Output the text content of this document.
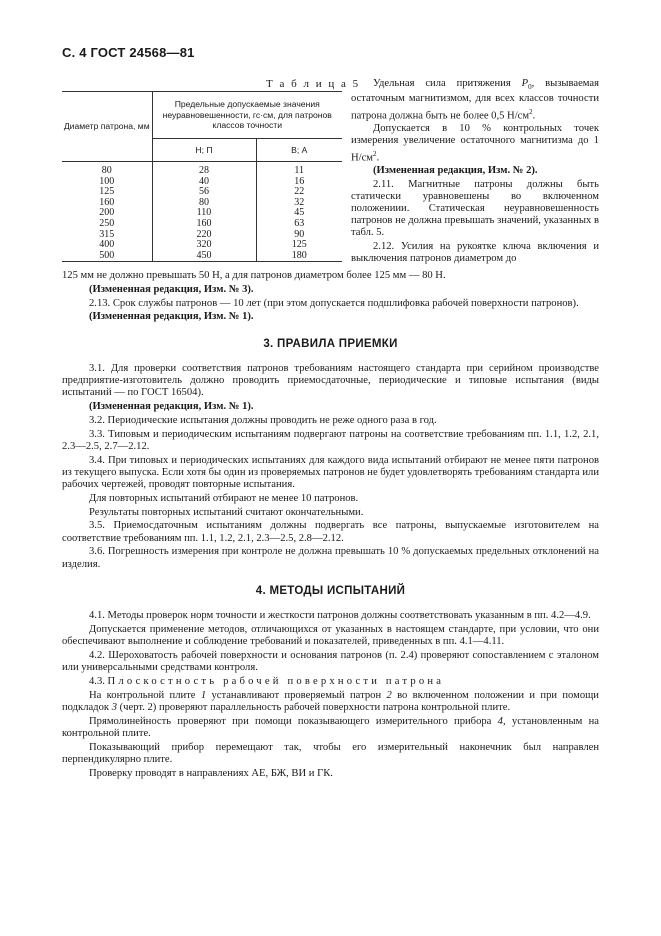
С. 4 ГОСТ 24568—81
Т а б л и ц а 5
Диаметр патрона, мм	Предельные допускаемые значения неуравновешенности, гс·см, для патронов классов точности	
	Н; П	В; А
80	28	11
100	40	16
125	56	22
160	80	32
200	110	45
250	160	63
315	220	90
400	320	125
500	450	180

Удельная сила притяжения $P_0$, вызываемая остаточным магнитизмом, для всех классов точности патрона должна быть не более 0,5 $Н/см^2$.

Допускается в 10 % контрольных точек измерения увеличение остаточного магнитизма до 1 $Н/см^2$.

(Измененная редакция, Изм. № 2).

2.11. Магнитные патроны должны быть статически уравновешены во включенном положениии. Статическая неуравновешенность патронов не должна превышать значений, указанных в табл. 5.

2.12. Усилия на рукоятке ключа включения и выключения патронов диаметром до

125 мм не должно превышать 50 Н, а для патронов диаметром более 125 мм — 80 Н.

(Измененная редакция, Изм. № 3).

2.13. Срок службы патронов — 10 лет (при этом допускается подшлифовка рабочей поверхности патронов).

(Измененная редакция, Изм. № 1).

3. ПРАВИЛА ПРИЕМКИ

3.1. Для проверки соответствия патронов требованиям настоящего стандарта при серийном производстве предприятие-изготовитель должно проводить приемосдаточные, периодические и типовые испытания (виды испытаний — по ГОСТ 16504).

(Измененная редакция, Изм. № 1).

3.2. Периодические испытания должны проводить не реже одного раза в год.

3.3. Типовым и периодическим испытаниям подвергают патроны на соответствие требованиям пп. 1.1, 1.2, 2.1, 2.3—2.5, 2.7—2.12.

3.4. При типовых и периодических испытаниях для каждого вида испытаний отбирают не менее пяти патронов из текущего выпуска. Если хотя бы один из проверяемых патронов не будет удовлетворять требованиям стандарта или рабочих чертежей, проводят повторные испытания.

Для повторных испытаний отбирают не менее 10 патронов.

Результаты повторных испытаний считают окончательными.

3.5. Приемосдаточным испытаниям должны подвергать все патроны, выпускаемые изготовителем на соответствие требованиям пп. 1.1, 1.2, 2.1, 2.3—2.5, 2.8—2.12.

3.6. Погрешность измерения при контроле не должна превышать 10 % допускаемых предельных отклонений на изделия.

4. МЕТОДЫ ИСПЫТАНИЙ

4.1. Методы проверок норм точности и жесткости патронов должны соответствовать указанным в пп. 4.2—4.9.

Допускается применение методов, отличающихся от указанных в настоящем стандарте, при условии, что они обеспечивают выполнение и соблюдение требований и показателей, приведенных в пп. 4.1—4.11.

4.2. Шероховатость рабочей поверхности и основания патронов (п. 2.4) проверяют сопоставлением с эталоном или универсальными средствами контроля.

4.3. Плоскостность рабочей поверхности патрона

На контрольной плите 1 устанавливают проверяемый патрон 2 во включенном положении и при помощи подкладок 3 (черт. 2) проверяют параллельность рабочей поверхности патрона контрольной плите.

Прямолинейность проверяют при помощи показывающего измерительного прибора 4, установленным на контрольной плите.

Показывающий прибор перемещают так, чтобы его измерительный наконечник был направлен перпендикулярно плите.

Проверку проводят в направлениях АЕ, БЖ, ВИ и ГК.
